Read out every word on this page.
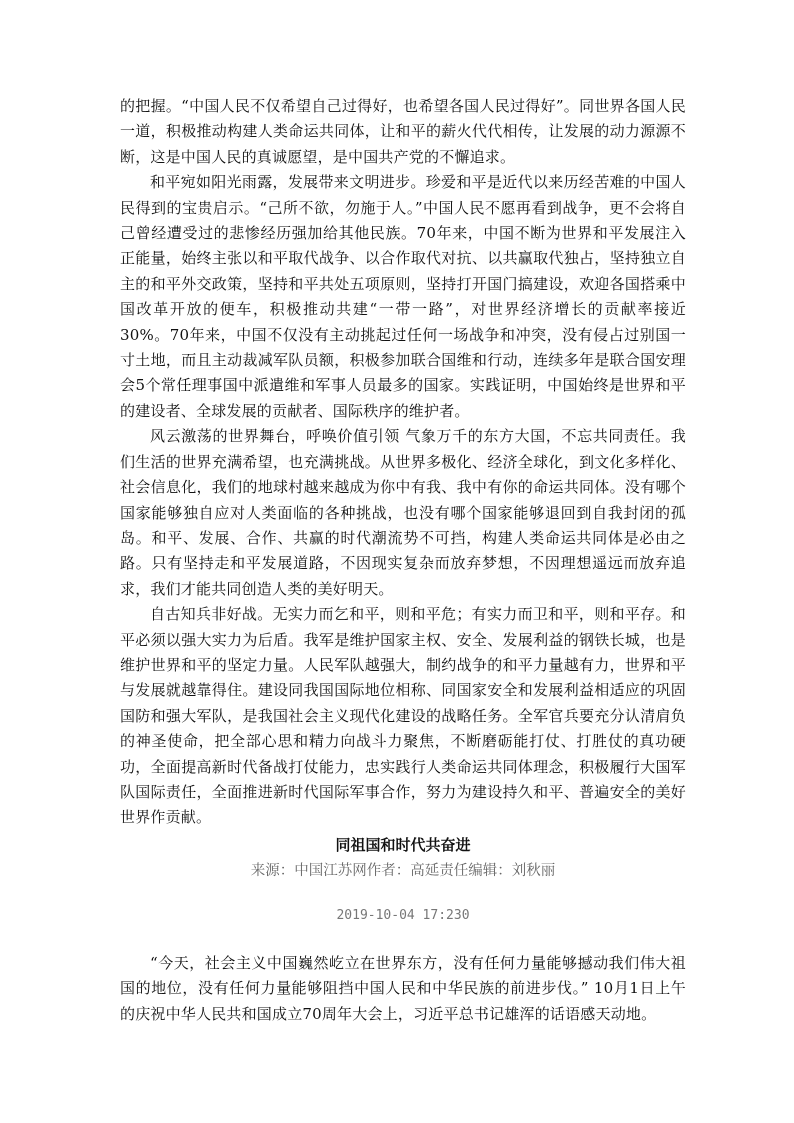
的把握。“中国人民不仅希望自己过得好，也希望各国人民过得好”。同世界各国人民一道，积极推动构建人类命运共同体，让和平的薪火代代相传，让发展的动力源源不断，这是中国人民的真诚愿望，是中国共产党的不懈追求。

和平宛如阳光雨露，发展带来文明进步。珍爱和平是近代以来历经苦难的中国人民得到的宝贵启示。“己所不欲，勿施于人。”中国人民不愿再看到战争，更不会将自己曾经遭受过的悲惨经历强加给其他民族。70年来，中国不断为世界和平发展注入正能量，始终主张以和平取代战争、以合作取代对抗、以共赢取代独占，坚持独立自主的和平外交政策，坚持和平共处五项原则，坚持打开国门搞建设，欢迎各国搭乘中国改革开放的便车，积极推动共建“一带一路”，对世界经济增长的贡献率接近30%。70年来，中国不仅没有主动挑起过任何一场战争和冲突，没有侵占过别国一寸土地，而且主动裁减军队员额，积极参加联合国维和行动，连续多年是联合国安理会5个常任理事国中派遣维和军事人员最多的国家。实践证明，中国始终是世界和平的建设者、全球发展的贡献者、国际秩序的维护者。

风云激荡的世界舞台，呼唤价值引领 气象万千的东方大国，不忘共同责任。我们生活的世界充满希望，也充满挑战。从世界多极化、经济全球化，到文化多样化、社会信息化，我们的地球村越来越成为你中有我、我中有你的命运共同体。没有哪个国家能够独自应对人类面临的各种挑战，也没有哪个国家能够退回到自我封闭的孤岛。和平、发展、合作、共赢的时代潮流势不可挡，构建人类命运共同体是必由之路。只有坚持走和平发展道路，不因现实复杂而放弃梦想，不因理想遥远而放弃追求，我们才能共同创造人类的美好明天。

自古知兵非好战。无实力而乞和平，则和平危；有实力而卫和平，则和平存。和平必须以强大实力为后盾。我军是维护国家主权、安全、发展利益的钢铁长城，也是维护世界和平的坚定力量。人民军队越强大，制约战争的和平力量越有力，世界和平与发展就越靠得住。建设同我国国际地位相称、同国家安全和发展利益相适应的巩固国防和强大军队，是我国社会主义现代化建设的战略任务。全军官兵要充分认清肩负的神圣使命，把全部心思和精力向战斗力聚焦，不断磨砺能打仗、打胜仗的真功硬功，全面提高新时代备战打仗能力，忠实践行人类命运共同体理念，积极履行大国军队国际责任，全面推进新时代国际军事合作，努力为建设持久和平、普遍安全的美好世界作贡献。

同祖国和时代共奋进

来源：中国江苏网作者：高延责任编辑：刘秋丽

2019-10-04 17:230

“今天，社会主义中国巍然屹立在世界东方，没有任何力量能够撼动我们伟大祖国的地位，没有任何力量能够阻挡中国人民和中华民族的前进步伐。” 10月1日上午的庆祝中华人民共和国成立70周年大会上，习近平总书记雄浑的话语感天动地。
